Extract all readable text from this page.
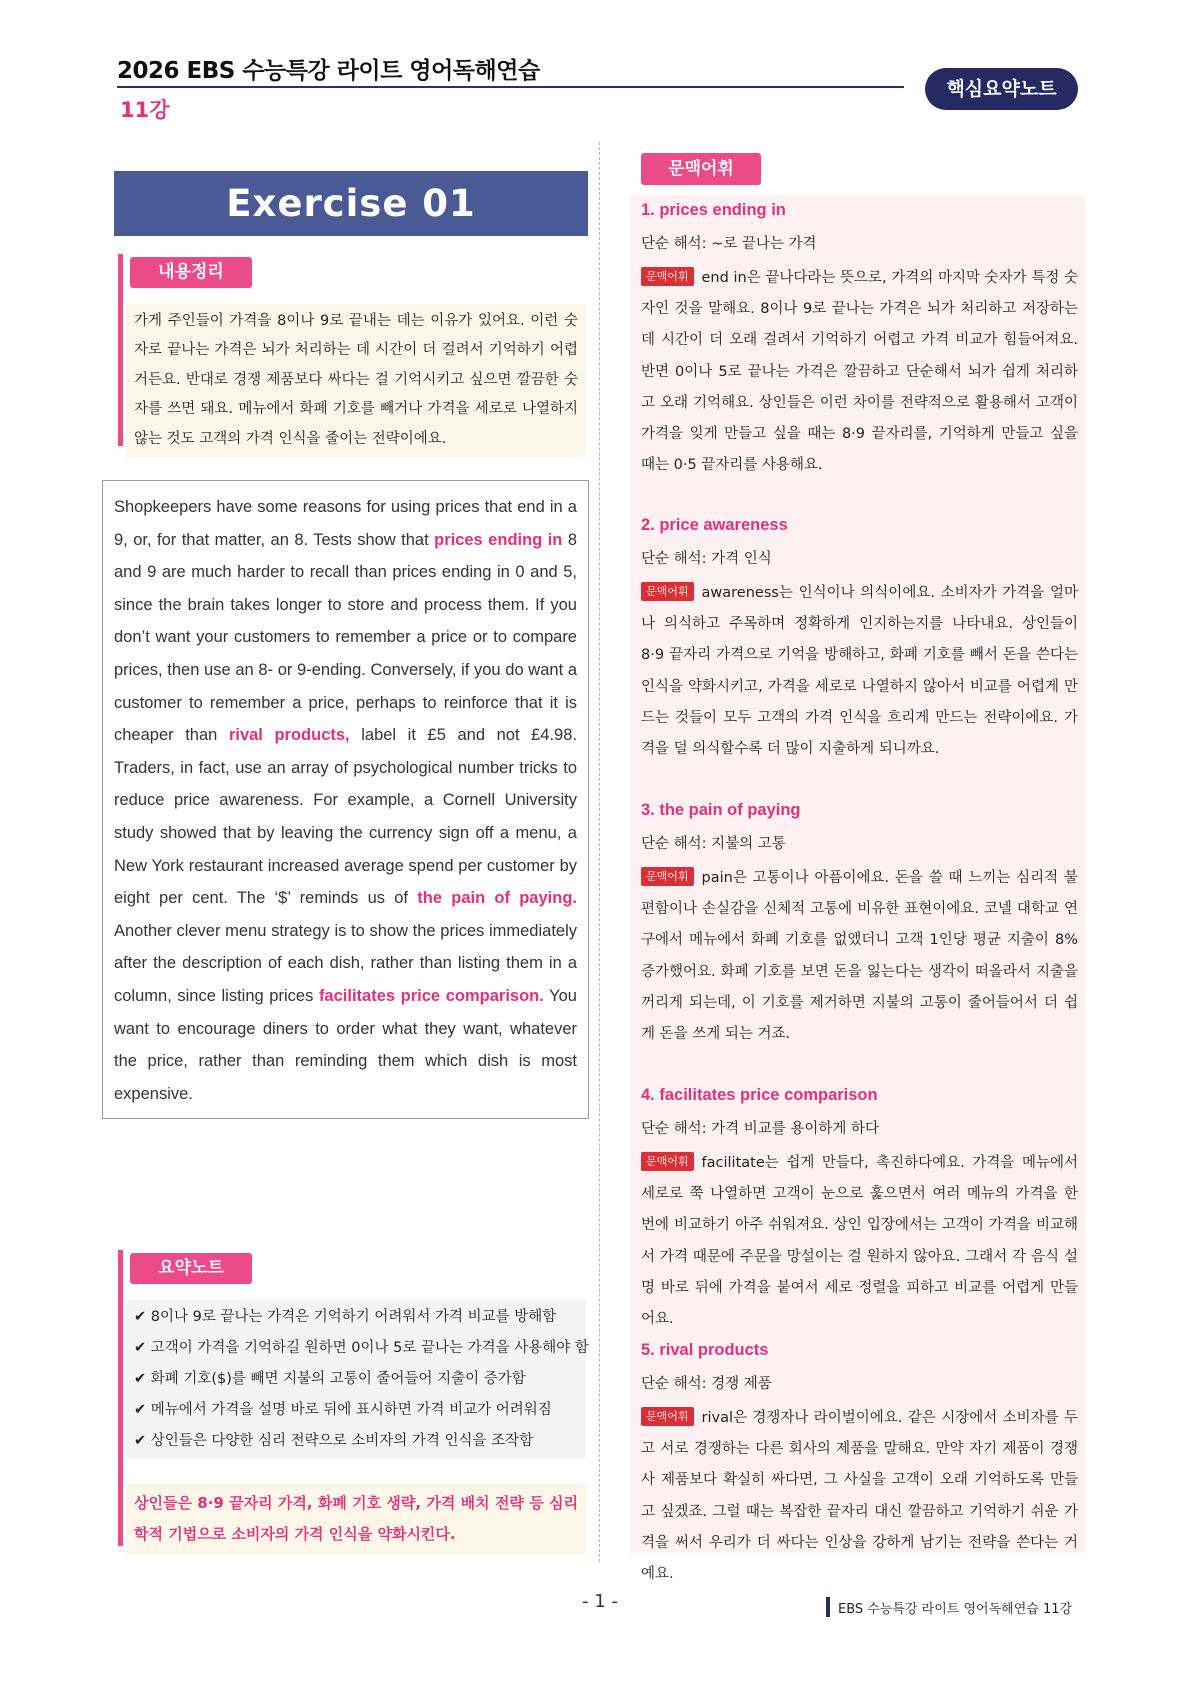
2026 EBS 수능특강 라이트 영어독해연습
11강
핵심요약노트
Exercise 01
내용정리
가게 주인들이 가격을 8이나 9로 끝내는 데는 이유가 있어요. 이런 숫자로 끝나는 가격은 뇌가 처리하는 데 시간이 더 걸려서 기억하기 어렵거든요. 반대로 경쟁 제품보다 싸다는 걸 기억시키고 싶으면 깔끔한 숫자를 쓰면 돼요. 메뉴에서 화폐 기호를 빼거나 가격을 세로로 나열하지 않는 것도 고객의 가격 인식을 줄이는 전략이에요.
Shopkeepers have some reasons for using prices that end in a 9, or, for that matter, an 8. Tests show that prices ending in 8 and 9 are much harder to recall than prices ending in 0 and 5, since the brain takes longer to store and process them. If you don’t want your customers to remember a price or to compare prices, then use an 8- or 9-ending. Conversely, if you do want a customer to remember a price, perhaps to reinforce that it is cheaper than rival products, label it £5 and not £4.98. Traders, in fact, use an array of psychological number tricks to reduce price awareness. For example, a Cornell University study showed that by leaving the currency sign off a menu, a New York restaurant increased average spend per customer by eight per cent. The ‘$’ reminds us of the pain of paying. Another clever menu strategy is to show the prices immediately after the description of each dish, rather than listing them in a column, since listing prices facilitates price comparison. You want to encourage diners to order what they want, whatever the price, rather than reminding them which dish is most expensive.
요약노트
✔ 8이나 9로 끝나는 가격은 기억하기 어려워서 가격 비교를 방해함
✔ 고객이 가격을 기억하길 원하면 0이나 5로 끝나는 가격을 사용해야 함
✔ 화폐 기호($)를 빼면 지불의 고통이 줄어들어 지출이 증가함
✔ 메뉴에서 가격을 설명 바로 뒤에 표시하면 가격 비교가 어려워짐
✔ 상인들은 다양한 심리 전략으로 소비자의 가격 인식을 조작함
상인들은 8·9 끝자리 가격, 화폐 기호 생략, 가격 배치 전략 등 심리학적 기법으로 소비자의 가격 인식을 약화시킨다.
문맥어휘
1. prices ending in
단순 해석: ~로 끝나는 가격
문맥어휘 end in은 끝나다라는 뜻으로, 가격의 마지막 숫자가 특정 숫자인 것을 말해요. 8이나 9로 끝나는 가격은 뇌가 처리하고 저장하는 데 시간이 더 오래 걸려서 기억하기 어렵고 가격 비교가 힘들어져요. 반면 0이나 5로 끝나는 가격은 깔끔하고 단순해서 뇌가 쉽게 처리하고 오래 기억해요. 상인들은 이런 차이를 전략적으로 활용해서 고객이 가격을 잊게 만들고 싶을 때는 8·9 끝자리를, 기억하게 만들고 싶을 때는 0·5 끝자리를 사용해요.
2. price awareness
단순 해석: 가격 인식
문맥어휘 awareness는 인식이나 의식이에요. 소비자가 가격을 얼마나 의식하고 주목하며 정확하게 인지하는지를 나타내요. 상인들이 8·9 끝자리 가격으로 기억을 방해하고, 화폐 기호를 빼서 돈을 쓴다는 인식을 약화시키고, 가격을 세로로 나열하지 않아서 비교를 어렵게 만드는 것들이 모두 고객의 가격 인식을 흐리게 만드는 전략이에요. 가격을 덜 의식할수록 더 많이 지출하게 되니까요.
3. the pain of paying
단순 해석: 지불의 고통
문맥어휘 pain은 고통이나 아픔이에요. 돈을 쓸 때 느끼는 심리적 불편함이나 손실감을 신체적 고통에 비유한 표현이에요. 코넬 대학교 연구에서 메뉴에서 화폐 기호를 없앴더니 고객 1인당 평균 지출이 8% 증가했어요. 화폐 기호를 보면 돈을 잃는다는 생각이 떠올라서 지출을 꺼리게 되는데, 이 기호를 제거하면 지불의 고통이 줄어들어서 더 쉽게 돈을 쓰게 되는 거죠.
4. facilitates price comparison
단순 해석: 가격 비교를 용이하게 하다
문맥어휘 facilitate는 쉽게 만들다, 촉진하다예요. 가격을 메뉴에서 세로로 쭉 나열하면 고객이 눈으로 훑으면서 여러 메뉴의 가격을 한 번에 비교하기 아주 쉬워져요. 상인 입장에서는 고객이 가격을 비교해서 가격 때문에 주문을 망설이는 걸 원하지 않아요. 그래서 각 음식 설명 바로 뒤에 가격을 붙여서 세로 정렬을 피하고 비교를 어렵게 만들어요.
5. rival products
단순 해석: 경쟁 제품
문맥어휘 rival은 경쟁자나 라이벌이에요. 같은 시장에서 소비자를 두고 서로 경쟁하는 다른 회사의 제품을 말해요. 만약 자기 제품이 경쟁사 제품보다 확실히 싸다면, 그 사실을 고객이 오래 기억하도록 만들고 싶겠죠. 그럴 때는 복잡한 끝자리 대신 깔끔하고 기억하기 쉬운 가격을 써서 우리가 더 싸다는 인상을 강하게 남기는 전략을 쓴다는 거예요.
- 1 -	EBS 수능특강 라이트 영어독해연습 11강
